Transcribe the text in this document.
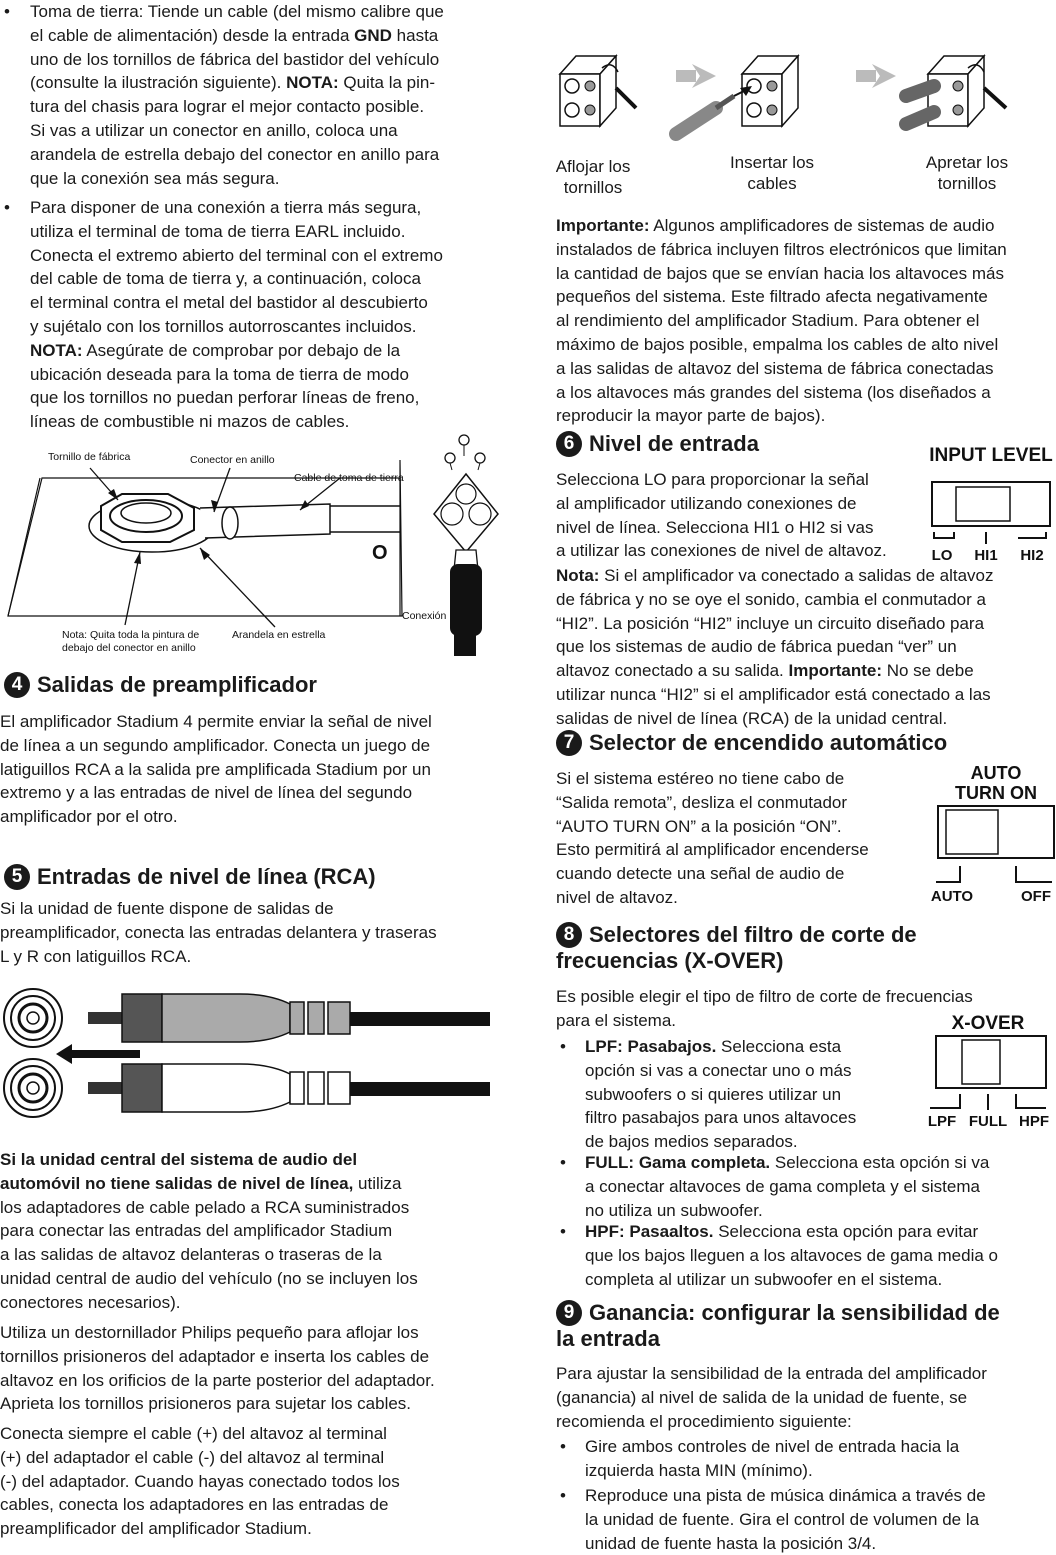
• Toma de tierra: Tiende un cable (del mismo calibre que
el cable de alimentación) desde la entrada GND hasta
uno de los tornillos de fábrica del bastidor del vehículo
(consulte la ilustración siguiente). NOTA: Quita la pin-
tura del chasis para lograr el mejor contacto posible.
Si vas a utilizar un conector en anillo, coloca una
arandela de estrella debajo del conector en anillo para
que la conexión sea más segura.
• Para disponer de una conexión a tierra más segura,
utiliza el terminal de toma de tierra EARL incluido.
Conecta el extremo abierto del terminal con el extremo
del cable de toma de tierra y, a continuación, coloca
el terminal contra el metal del bastidor al descubierto
y sujétalo con los tornillos autorroscantes incluidos.
NOTA: Asegúrate de comprobar por debajo de la
ubicación deseada para la toma de tierra de modo
que los tornillos no puedan perforar líneas de freno,
líneas de combustible ni mazos de cables.
Tornillo de fábrica	Conector en anillo
Cable de toma de tierra
O
Nota: Quita toda la pintura de
debajo del conector en anillo
Arandela en estrella
Conexión
4 Salidas de preamplificador

El amplificador Stadium 4 permite enviar la señal de nivel

de línea a un segundo amplificador. Conecta un juego de

latiguillos RCA a la salida pre amplificada Stadium por un

extremo y a las entradas de nivel de línea del segundo

amplificador por el otro.

5 Entradas de nivel de línea (RCA)

Si la unidad de fuente dispone de salidas de

preamplificador, conecta las entradas delantera y traseras

L y R con latiguillos RCA.

Si la unidad central del sistema de audio del

automóvil no tiene salidas de nivel de línea, utiliza

los adaptadores de cable pelado a RCA suministrados

para conectar las entradas del amplificador Stadium

a las salidas de altavoz delanteras o traseras de la

unidad central de audio del vehículo (no se incluyen los

conectores necesarios).

Utiliza un destornillador Philips pequeño para aflojar los

tornillos prisioneros del adaptador e inserta los cables de

altavoz en los orificios de la parte posterior del adaptador.

Aprieta los tornillos prisioneros para sujetar los cables.

Conecta siempre el cable (+) del altavoz al terminal

(+) del adaptador el cable (-) del altavoz al terminal

(-) del adaptador. Cuando hayas conectado todos los

cables, conecta los adaptadores en las entradas de

preamplificador del amplificador Stadium.

Aflojar los
tornillos
Insertar los
cables
Apretar los
tornillos

Importante: Algunos amplificadores de sistemas de audio

instalados de fábrica incluyen filtros electrónicos que limitan

la cantidad de bajos que se envían hacia los altavoces más

pequeños del sistema. Este filtrado afecta negativamente

al rendimiento del amplificador Stadium. Para obtener el

máximo de bajos posible, empalma los cables de alto nivel

a las salidas de altavoz del sistema de fábrica conectadas

a los altavoces más grandes del sistema (los diseñados a

reproducir la mayor parte de bajos).

6 Nivel de entrada

Selecciona LO para proporcionar la señal

al amplificador utilizando conexiones de

nivel de línea. Selecciona HI1 o HI2 si vas

a utilizar las conexiones de nivel de altavoz.

INPUT LEVEL
LO HI1 HI2

Nota: Si el amplificador va conectado a salidas de altavoz

de fábrica y no se oye el sonido, cambia el conmutador a

“HI2”. La posición “HI2” incluye un circuito diseñado para

que los sistemas de audio de fábrica puedan “ver” un

altavoz conectado a su salida. Importante: No se debe

utilizar nunca “HI2” si el amplificador está conectado a las

salidas de nivel de línea (RCA) de la unidad central.

7 Selector de encendido automático

Si el sistema estéreo no tiene cabo de

“Salida remota”, desliza el conmutador

“AUTO TURN ON” a la posición “ON”.

Esto permitirá al amplificador encenderse

cuando detecte una señal de audio de

nivel de altavoz.

AUTO
TURN ON
AUTO	OFF
8 Selectores del filtro de corte de
frecuencias (X-OVER)

Es posible elegir el tipo de filtro de corte de frecuencias

para el sistema.	X-OVER
LPF FULL HPF
• LPF: Pasabajos. Selecciona esta
opción si vas a conectar uno o más
subwoofers o si quieres utilizar un
filtro pasabajos para unos altavoces
de bajos medios separados.
• FULL: Gama completa. Selecciona esta opción si va
a conectar altavoces de gama completa y el sistema
no utiliza un subwoofer.
• HPF: Pasaaltos. Selecciona esta opción para evitar
que los bajos lleguen a los altavoces de gama media o
completa al utilizar un subwoofer en el sistema.
9 Ganancia: configurar la sensibilidad de
la entrada

Para ajustar la sensibilidad de la entrada del amplificador

(ganancia) al nivel de salida de la unidad de fuente, se

recomienda el procedimiento siguiente:

• Gire ambos controles de nivel de entrada hacia la
izquierda hasta MIN (mínimo).
• Reproduce una pista de música dinámica a través de
la unidad de fuente. Gira el control de volumen de la
unidad de fuente hasta la posición 3/4.
